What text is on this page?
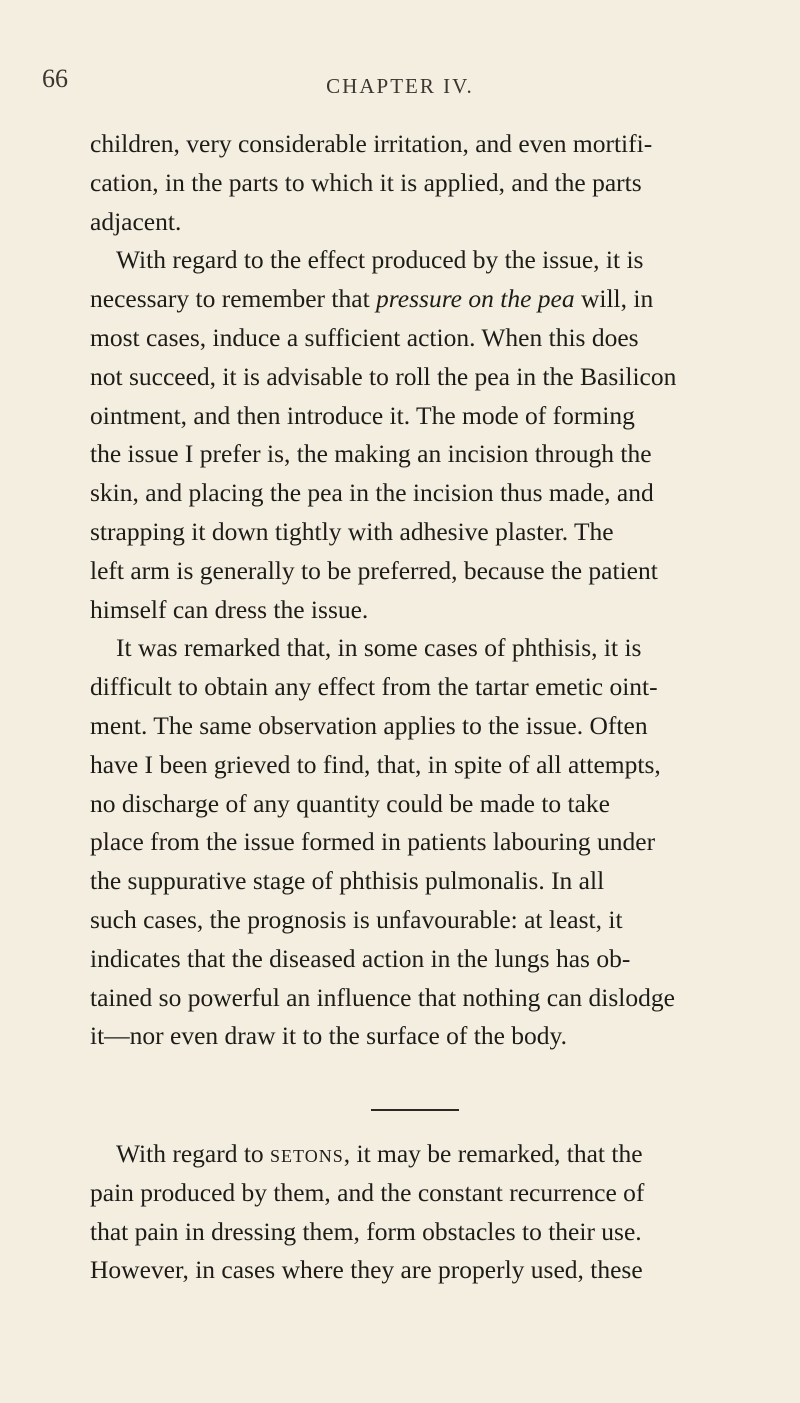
66	CHAPTER IV.
children, very considerable irritation, and even mortifi-
cation, in the parts to which it is applied, and the parts
adjacent.
With regard to the effect produced by the issue, it is
necessary to remember that pressure on the pea will, in
most cases, induce a sufficient action. When this does
not succeed, it is advisable to roll the pea in the Basilicon
ointment, and then introduce it. The mode of forming
the issue I prefer is, the making an incision through the
skin, and placing the pea in the incision thus made, and
strapping it down tightly with adhesive plaster. The
left arm is generally to be preferred, because the patient
himself can dress the issue.
It was remarked that, in some cases of phthisis, it is
difficult to obtain any effect from the tartar emetic oint-
ment. The same observation applies to the issue. Often
have I been grieved to find, that, in spite of all attempts,
no discharge of any quantity could be made to take
place from the issue formed in patients labouring under
the suppurative stage of phthisis pulmonalis. In all
such cases, the prognosis is unfavourable: at least, it
indicates that the diseased action in the lungs has ob-
tained so powerful an influence that nothing can dislodge
it—nor even draw it to the surface of the body.
With regard to setons, it may be remarked, that the
pain produced by them, and the constant recurrence of
that pain in dressing them, form obstacles to their use.
However, in cases where they are properly used, these
